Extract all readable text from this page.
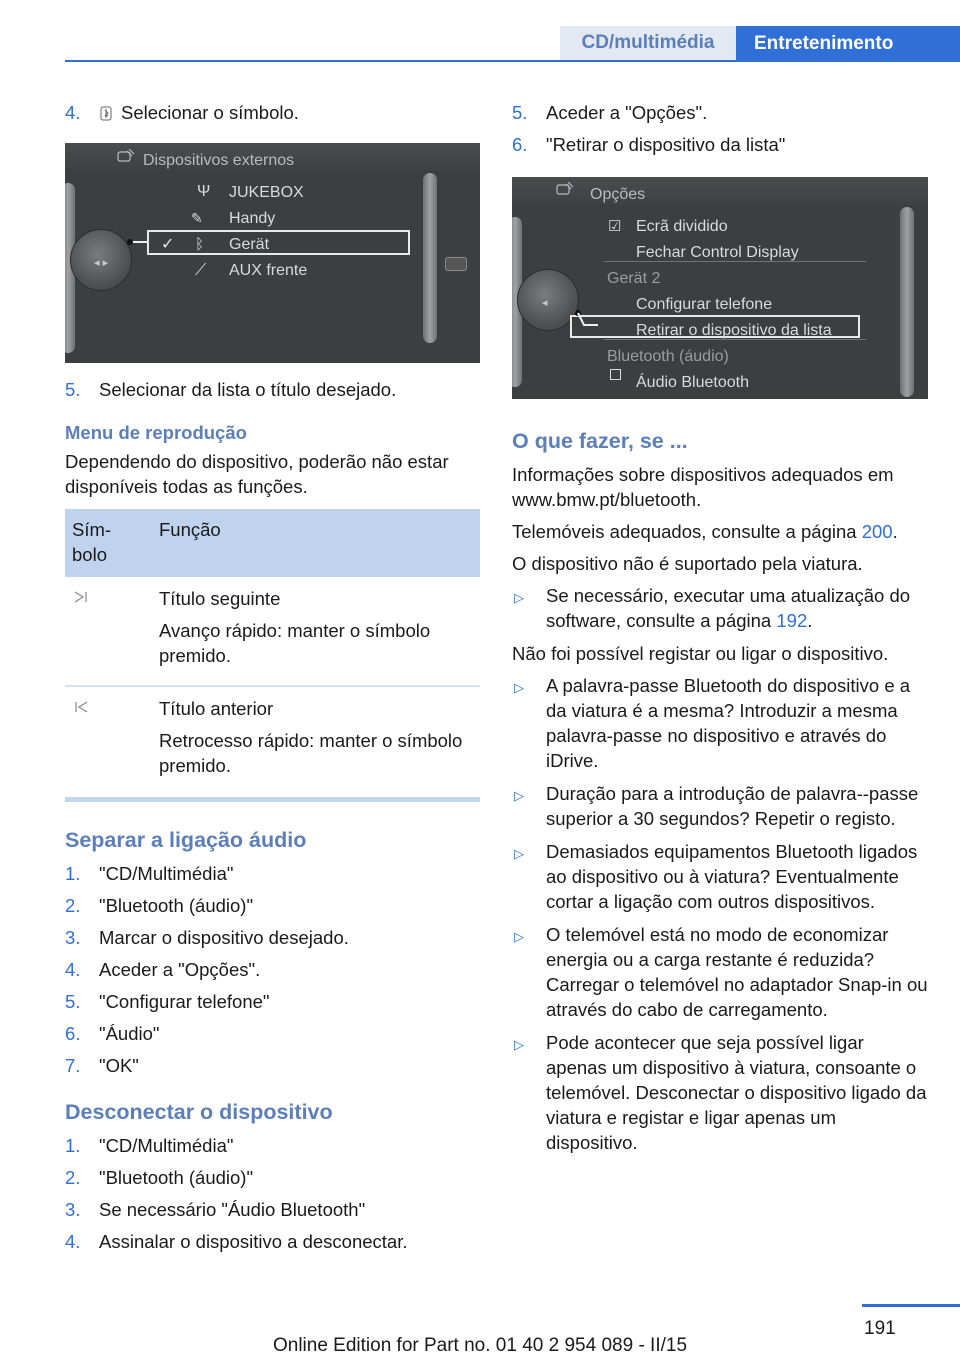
CD/multimédia	Entretenimento
4.	Selecionar o símbolo.
Dispositivos externos
◂ ▸
Ψ JUKEBOX
✎ Handy
✓ ᛒ Gerät
⟋ AUX frente
5.	Selecionar da lista o título desejado.
Menu de reprodução
Dependendo do dispositivo, poderão não estar disponíveis todas as funções.
Sím-
bolo	Função

Título seguinte

Avanço rápido: manter o símbolo premido.

Título anterior

Retrocesso rápido: manter o símbolo premido.

Separar a ligação áudio
1.	"CD/Multimédia"
2.	"Bluetooth (áudio)"
3.	Marcar o dispositivo desejado.
4.	Aceder a "Opções".
5.	"Configurar telefone"
6.	"Áudio"
7.	"OK"
Desconectar o dispositivo
1.	"CD/Multimédia"
2.	"Bluetooth (áudio)"
3.	Se necessário "Áudio Bluetooth"
4.	Assinalar o dispositivo a desconectar.
5.	Aceder a "Opções".
6.	"Retirar o dispositivo da lista"
Opções
◂
☑ Ecrã dividido
Fechar Control Display
Gerät 2
Configurar telefone
Retirar o dispositivo da lista
Bluetooth (áudio)
Áudio Bluetooth
O que fazer, se ...
Informações sobre dispositivos adequados em www.bmw.pt/bluetooth.
Telemóveis adequados, consulte a página 200.
O dispositivo não é suportado pela viatura.
▷	Se necessário, executar uma atualização do software, consulte a página 192.
Não foi possível registar ou ligar o dispositivo.
▷	A palavra-passe Bluetooth do dispositivo e a da viatura é a mesma? Introduzir a mesma palavra-passe no dispositivo e através do iDrive.
▷	Duração para a introdução de palavra--passe superior a 30 segundos? Repetir o registo.
▷	Demasiados equipamentos Bluetooth ligados ao dispositivo ou à viatura? Eventualmente cortar a ligação com outros dispositivos.
▷	O telemóvel está no modo de economizar energia ou a carga restante é reduzida? Carregar o telemóvel no adaptador Snap-in ou através do cabo de carregamento.
▷	Pode acontecer que seja possível ligar apenas um dispositivo à viatura, consoante o telemóvel. Desconectar o dispositivo ligado da viatura e registar e ligar apenas um dispositivo.
191
Online Edition for Part no. 01 40 2 954 089 - II/15
